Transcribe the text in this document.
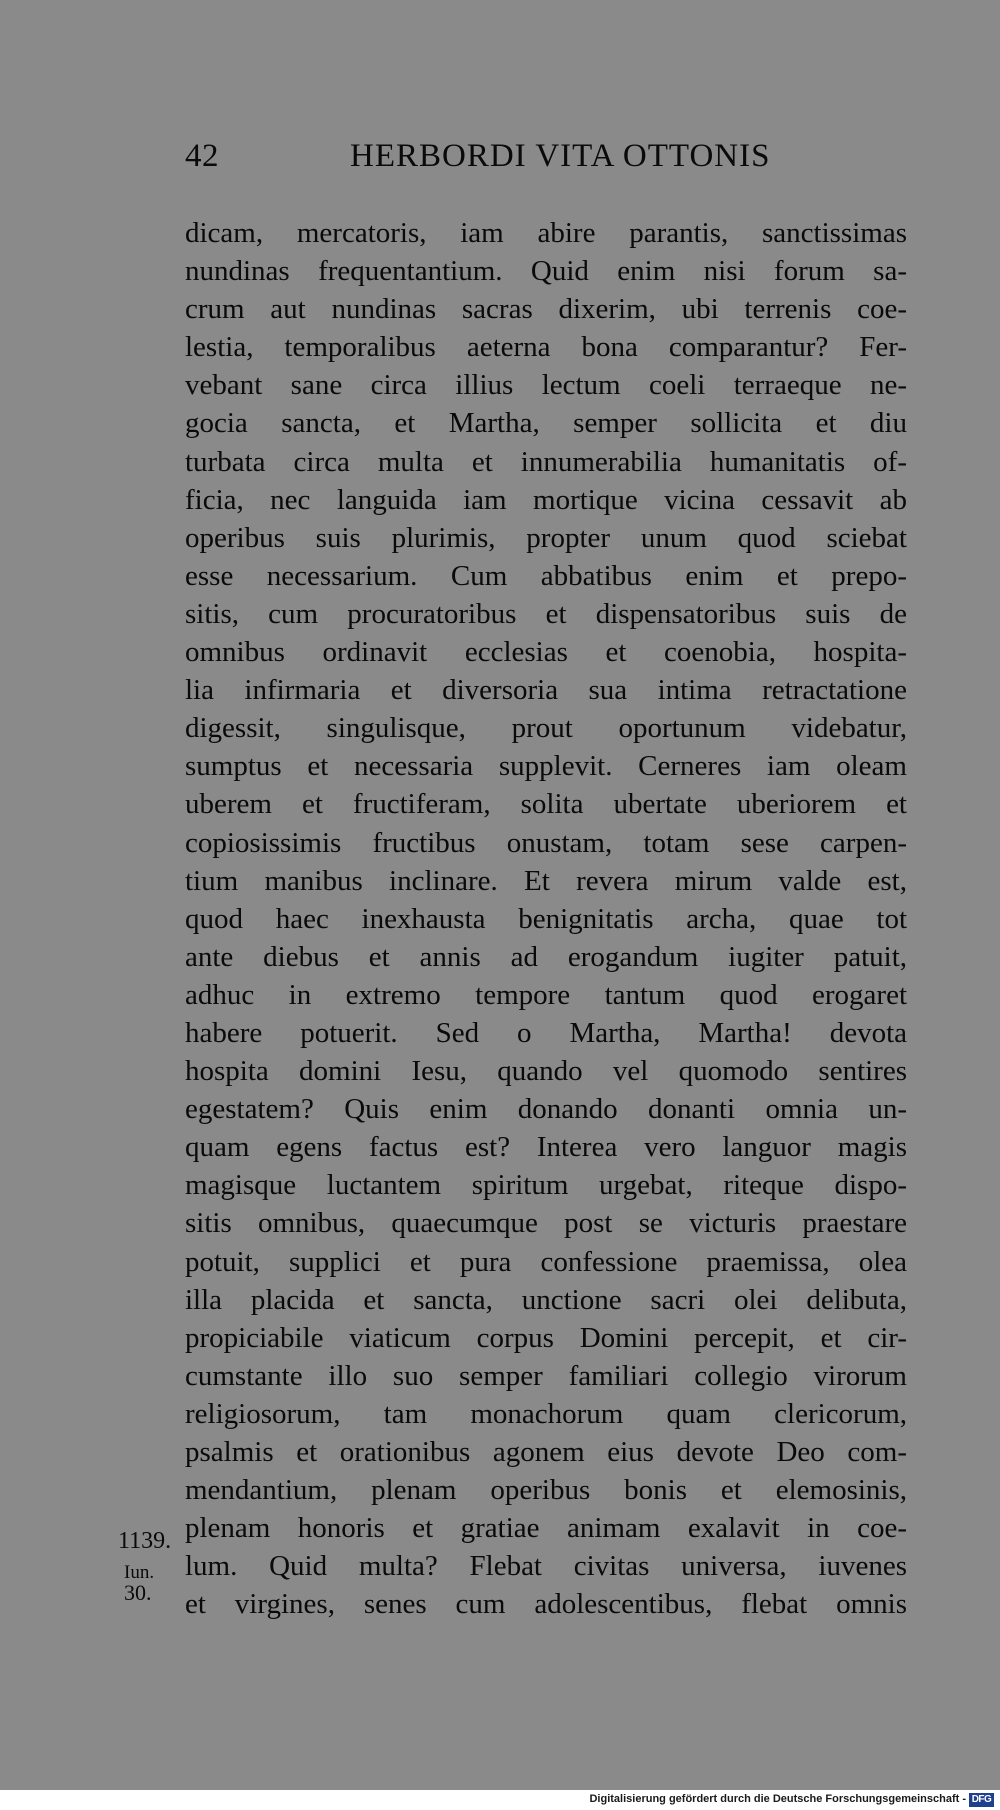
42	HERBORDI VITA OTTONIS
dicam, mercatoris, iam abire parantis, sanctissimas
nundinas frequentantium. Quid enim nisi forum sa-
crum aut nundinas sacras dixerim, ubi terrenis coe-
lestia, temporalibus aeterna bona comparantur? Fer-
vebant sane circa illius lectum coeli terraeque ne-
gocia sancta, et Martha, semper sollicita et diu
turbata circa multa et innumerabilia humanitatis of-
ficia, nec languida iam mortique vicina cessavit ab
operibus suis plurimis, propter unum quod sciebat
esse necessarium. Cum abbatibus enim et prepo-
sitis, cum procuratoribus et dispensatoribus suis de
omnibus ordinavit ecclesias et coenobia, hospita-
lia infirmaria et diversoria sua intima retractatione
digessit, singulisque, prout oportunum videbatur,
sumptus et necessaria supplevit. Cerneres iam oleam
uberem et fructiferam, solita ubertate uberiorem et
copiosissimis fructibus onustam, totam sese carpen-
tium manibus inclinare. Et revera mirum valde est,
quod haec inexhausta benignitatis archa, quae tot
ante diebus et annis ad erogandum iugiter patuit,
adhuc in extremo tempore tantum quod erogaret
habere potuerit. Sed o Martha, Martha! devota
hospita domini Iesu, quando vel quomodo sentires
egestatem? Quis enim donando donanti omnia un-
quam egens factus est? Interea vero languor magis
magisque luctantem spiritum urgebat, riteque dispo-
sitis omnibus, quaecumque post se victuris praestare
potuit, supplici et pura confessione praemissa, olea
illa placida et sancta, unctione sacri olei delibuta,
propiciabile viaticum corpus Domini percepit, et cir-
cumstante illo suo semper familiari collegio virorum
religiosorum, tam monachorum quam clericorum,
psalmis et orationibus agonem eius devote Deo com-
mendantium, plenam operibus bonis et elemosinis,
plenam honoris et gratiae animam exalavit in coe-
lum. Quid multa? Flebat civitas universa, iuvenes
et virgines, senes cum adolescentibus, flebat omnis
1139.
Iun.
30.
Digitalisierung gefördert durch die Deutsche Forschungsgemeinschaft - DFG
